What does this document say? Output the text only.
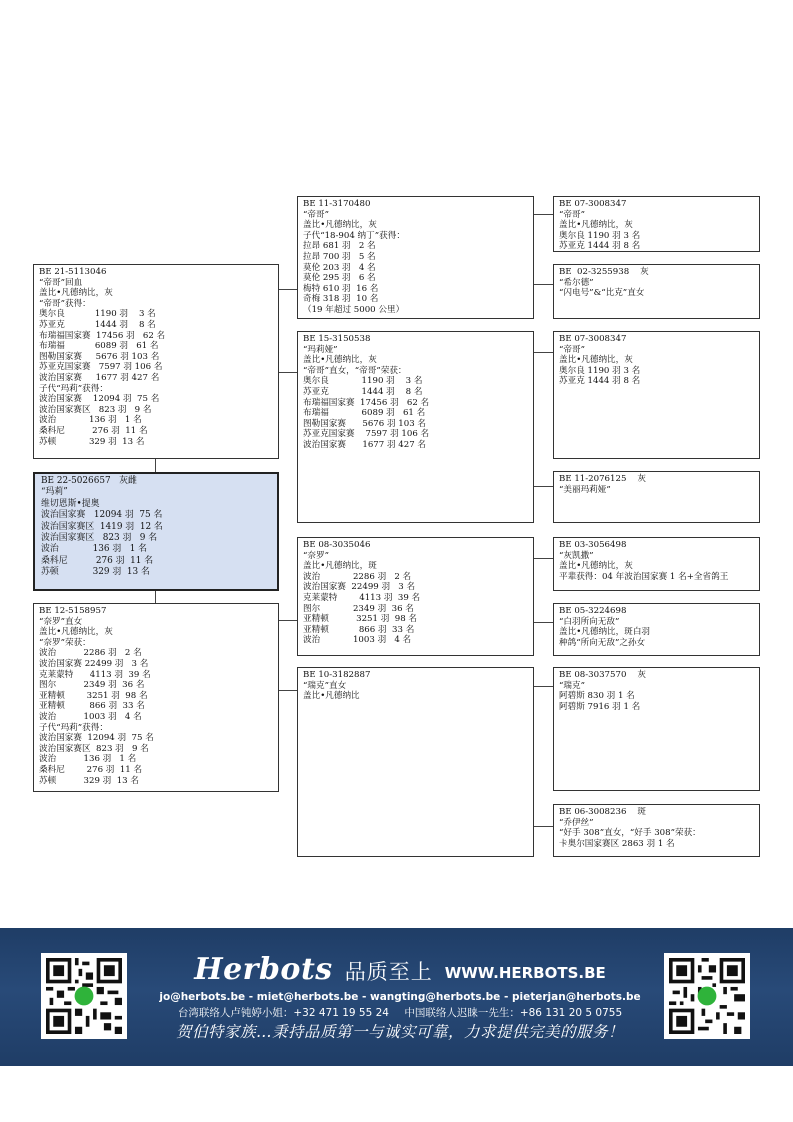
BE 21-5113046
“帝哥”回血
盖比•凡德纳比，灰
“帝哥”获得：
奥尔良           1190 羽    3 名
苏亚克           1444 羽    8 名
布瑞福国家赛  17456 羽   62 名
布瑞福           6089 羽   61 名
图勒国家赛     5676 羽 103 名
苏亚克国家赛   7597 羽 106 名
波治国家赛     1677 羽 427 名
子代“玛莉”获得：
波治国家赛    12094 羽  75 名
波治国家赛区   823 羽   9 名
波治            136 羽   1 名
桑科尼          276 羽  11 名
苏顿            329 羽  13 名
BE 22-5026657   灰雌
“玛莉”
维切恩斯•提奥
波治国家赛   12094 羽  75 名
波治国家赛区  1419 羽  12 名
波治国家赛区   823 羽   9 名
波治            136 羽   1 名
桑科尼          276 羽  11 名
苏顿            329 羽  13 名
BE 12-5158957
“奈罗”直女
盖比•凡德纳比，灰
“奈罗”荣获：
波治          2286 羽   2 名
波治国家赛 22499 羽   3 名
克莱蒙特      4113 羽  39 名
图尔          2349 羽  36 名
亚精顿        3251 羽  98 名
亚精顿         866 羽  33 名
波治          1003 羽   4 名
子代“玛莉”获得：
波治国家赛  12094 羽  75 名
波治国家赛区  823 羽   9 名
波治          136 羽   1 名
桑科尼        276 羽  11 名
苏顿          329 羽  13 名
BE 11-3170480
“帝哥”
盖比•凡德纳比，灰
子代“18-904 纳丁”获得：
拉昂 681 羽   2 名
拉昂 700 羽   5 名
莫伦 203 羽   4 名
莫伦 295 羽   6 名
梅特 610 羽  16 名
奇梅 318 羽  10 名
（19 年超过 5000 公里）
BE 15-3150538
“玛莉娅”
盖比•凡德纳比，灰
“帝哥”直女，“帝哥”荣获：
奥尔良            1190 羽    3 名
苏亚克            1444 羽    8 名
布瑞福国家赛  17456 羽   62 名
布瑞福            6089 羽   61 名
图勒国家赛      5676 羽 103 名
苏亚克国家赛    7597 羽 106 名
波治国家赛      1677 羽 427 名
BE 08-3035046
“奈罗”
盖比•凡德纳比，斑
波治            2286 羽   2 名
波治国家赛  22499 羽   3 名
克莱蒙特        4113 羽  39 名
图尔            2349 羽  36 名
亚精顿          3251 羽  98 名
亚精顿           866 羽  33 名
波治            1003 羽   4 名
BE 10-3182887
“瑞克”直女
盖比•凡德纳比
BE 07-3008347
“帝哥”
盖比•凡德纳比，灰
奥尔良 1190 羽 3 名
苏亚克 1444 羽 8 名
BE  02-3255938    灰
“希尔德”
“闪电号”&“比克”直女
BE 07-3008347
“帝哥”
盖比•凡德纳比，灰
奥尔良 1190 羽 3 名
苏亚克 1444 羽 8 名
BE 11-2076125    灰
“美丽玛莉娅”
BE 03-3056498
“灰凯撒”
盖比•凡德纳比，灰
平辈获得：04 年波治国家赛 1 名+全省鸽王
BE 05-3224698
“白羽所向无敌”
盖比•凡德纳比，斑白羽
种鸽“所向无敌”之孙女
BE 08-3037570    灰
“瑞克”
阿碧斯 830 羽 1 名
阿碧斯 7916 羽 1 名
BE 06-3008236    斑
“乔伊丝”
“好手 308”直女，“好手 308”荣获：
卡奥尔国家赛区 2863 羽 1 名
Herbots 品质至上 WWW.HERBOTS.BE
jo@herbots.be - miet@herbots.be - wangting@herbots.be - pieterjan@herbots.be
台湾联络人卢钝婷小姐：+32 471 19 55 24 中国联络人迟睐一先生：+86 131 20 5 0755
贺伯特家族…秉持品质第一与诚实可靠，力求提供完美的服务！
